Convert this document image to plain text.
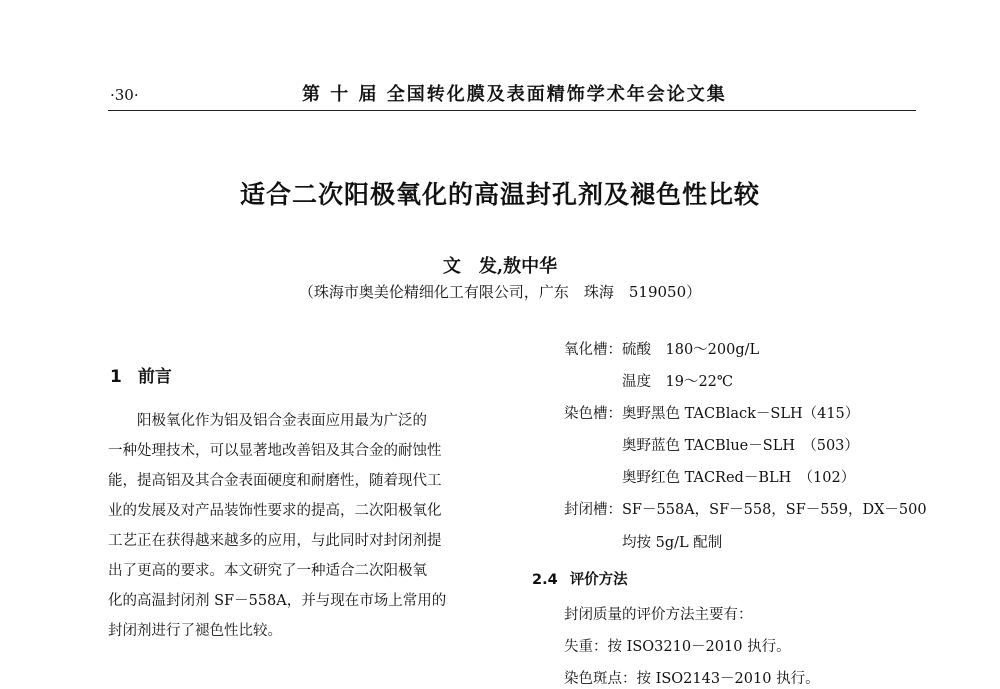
·30·	第 十 届 全国转化膜及表面精饰学术年会论文集
适合二次阳极氧化的高温封孔剂及褪色性比较
文　发,敖中华
（珠海市奥美伦精细化工有限公司，广东　珠海　519050）
1 前言
阳极氧化作为铝及铝合金表面应用最为广泛的
一种处理技术，可以显著地改善铝及其合金的耐蚀性
能，提高铝及其合金表面硬度和耐磨性，随着现代工
业的发展及对产品装饰性要求的提高，二次阳极氧化
工艺正在获得越来越多的应用，与此同时对封闭剂提
出了更高的要求。本文研究了一种适合二次阳极氧
化的高温封闭剂 SF－558A，并与现在市场上常用的
封闭剂进行了褪色性比较。
氧化槽：硫酸　180～200g/L
温度　19～22℃
染色槽：奥野黑色 TACBlack－SLH（415）
奥野蓝色 TACBlue－SLH　（503）
奥野红色 TACRed－BLH　（102）
封闭槽：SF－558A，SF－558，SF－559，DX－500
均按 5g/L 配制
2.4 评价方法
封闭质量的评价方法主要有：
失重：按 ISO3210－2010 执行。
染色斑点：按 ISO2143－2010 执行。
